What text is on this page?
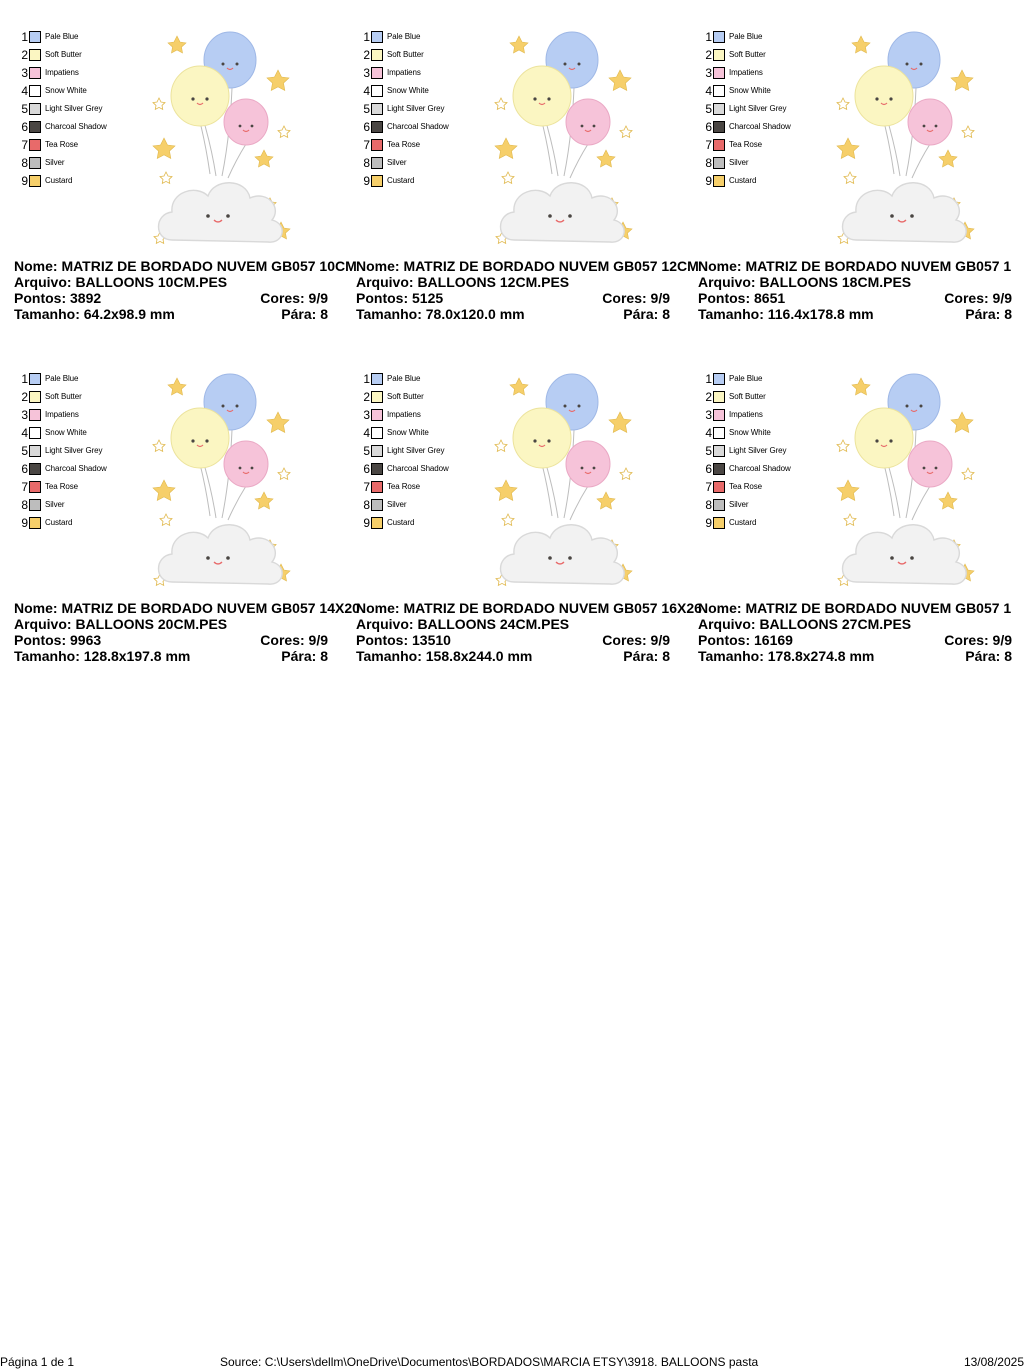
1 Pale Blue
2 Soft Butter
3 Impatiens
4 Snow White
5 Light Silver Grey
6 Charcoal Shadow
7 Tea Rose
8 Silver
9 Custard
Nome: MATRIZ DE BORDADO NUVEM GB057 10CM
Arquivo: BALLOONS 10CM.PES
Pontos: 3892	Cores: 9/9
Tamanho: 64.2x98.9 mm	Pára: 8
1 Pale Blue
2 Soft Butter
3 Impatiens
4 Snow White
5 Light Silver Grey
6 Charcoal Shadow
7 Tea Rose
8 Silver
9 Custard
Nome: MATRIZ DE BORDADO NUVEM GB057 12CM
Arquivo: BALLOONS 12CM.PES
Pontos: 5125	Cores: 9/9
Tamanho: 78.0x120.0 mm	Pára: 8
1 Pale Blue
2 Soft Butter
3 Impatiens
4 Snow White
5 Light Silver Grey
6 Charcoal Shadow
7 Tea Rose
8 Silver
9 Custard
Nome: MATRIZ DE BORDADO NUVEM GB057 1
Arquivo: BALLOONS 18CM.PES
Pontos: 8651	Cores: 9/9
Tamanho: 116.4x178.8 mm	Pára: 8
1 Pale Blue
2 Soft Butter
3 Impatiens
4 Snow White
5 Light Silver Grey
6 Charcoal Shadow
7 Tea Rose
8 Silver
9 Custard
Nome: MATRIZ DE BORDADO NUVEM GB057 14X20
Arquivo: BALLOONS 20CM.PES
Pontos: 9963	Cores: 9/9
Tamanho: 128.8x197.8 mm	Pára: 8
1 Pale Blue
2 Soft Butter
3 Impatiens
4 Snow White
5 Light Silver Grey
6 Charcoal Shadow
7 Tea Rose
8 Silver
9 Custard
Nome: MATRIZ DE BORDADO NUVEM GB057 16X26
Arquivo: BALLOONS 24CM.PES
Pontos: 13510	Cores: 9/9
Tamanho: 158.8x244.0 mm	Pára: 8
1 Pale Blue
2 Soft Butter
3 Impatiens
4 Snow White
5 Light Silver Grey
6 Charcoal Shadow
7 Tea Rose
8 Silver
9 Custard
Nome: MATRIZ DE BORDADO NUVEM GB057 1
Arquivo: BALLOONS 27CM.PES
Pontos: 16169	Cores: 9/9
Tamanho: 178.8x274.8 mm	Pára: 8
Página 1 de 1	Source: C:\Users\dellm\OneDrive\Documentos\BORDADOS\MARCIA ETSY\3918. BALLOONS pasta	13/08/2025
